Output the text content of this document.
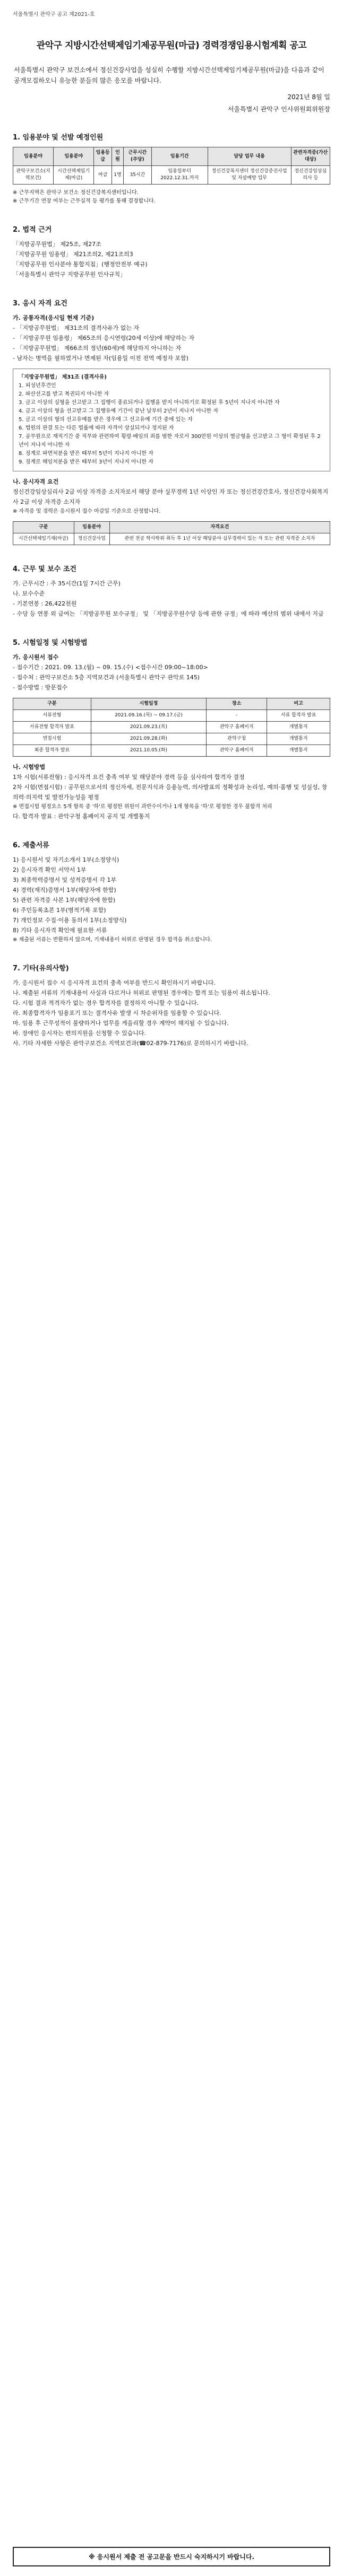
서울특별시 관악구 공고 제2021-호
관악구 지방시간선택제임기제공무원(마급) 경력경쟁임용시험계획 공고
서울특별시 관악구 보건소에서 정신건강사업을 성실히 수행할 지방시간선택제임기제공무원(마급)을 다음과 같이 공개모집하오니 유능한 분들의 많은 응모를 바랍니다.
2021년 8월 일
서울특별시 관악구 인사위원회위원장
1. 임용분야 및 선발 예정인원
임용분야	임용분야	임용등급	인원	근무시간(주당)	임용기간	담당 업무 내용	관련자격증(가산 대상)
관악구보건소(지역보건)	시간선택제임기제(마급)	마급	1명	35시간	임용일부터 2022.12.31.까지	정신건강복지센터 정신건강증진사업 및 자살예방 업무	정신건강임상심리사 등
※ 근무지역은 관악구 보건소 정신건강복지센터입니다.
※ 근무기간 연장 여부는 근무실적 등 평가를 통해 결정합니다.
2. 법적 근거
「지방공무원법」 제25조, 제27조
「지방공무원 임용령」 제21조의2, 제21조의3
「지방공무원 인사분야 통합지침」(행정안전부 예규)
「서울특별시 관악구 지방공무원 인사규칙」
3. 응시 자격 요건
가. 공통자격(응시일 현재 기준)
- 「지방공무원법」 제31조의 결격사유가 없는 자
- 「지방공무원 임용령」 제65조의 응시연령(20세 이상)에 해당하는 자
- 「지방공무원법」 제66조의 정년(60세)에 해당하지 아니하는 자
- 남자는 병역을 필하였거나 면제된 자(임용일 이전 전역 예정자 포함)
「지방공무원법」 제31조 (결격사유)
1. 피성년후견인
2. 파산선고를 받고 복권되지 아니한 자
3. 금고 이상의 실형을 선고받고 그 집행이 종료되거나 집행을 받지 아니하기로 확정된 후 5년이 지나지 아니한 자
4. 금고 이상의 형을 선고받고 그 집행유예 기간이 끝난 날부터 2년이 지나지 아니한 자
5. 금고 이상의 형의 선고유예를 받은 경우에 그 선고유예 기간 중에 있는 자
6. 법원의 판결 또는 다른 법률에 따라 자격이 상실되거나 정지된 자
7. 공무원으로 재직기간 중 직무와 관련하여 횡령·배임의 죄를 범한 자로서 300만원 이상의 벌금형을 선고받고 그 형이 확정된 후 2년이 지나지 아니한 자
8. 징계로 파면처분을 받은 때부터 5년이 지나지 아니한 자
9. 징계로 해임처분을 받은 때부터 3년이 지나지 아니한 자
나. 응시자격 요건
정신건강임상심리사 2급 이상 자격증 소지자로서 해당 분야 실무경력 1년 이상인 자 또는 정신건강간호사, 정신건강사회복지사 2급 이상 자격증 소지자
※ 자격증 및 경력은 응시원서 접수 마감일 기준으로 산정합니다.
구분	임용분야	자격요건
시간선택제임기제(마급)	정신건강사업	관련 전공 학사학위 취득 후 1년 이상 해당분야 실무경력이 있는 자 또는 관련 자격증 소지자
4. 근무 및 보수 조건
가. 근무시간 : 주 35시간(1일 7시간 근무)
나. 보수수준
- 기본연봉 : 26,422천원
- 수당 등 연봉 외 급여는 「지방공무원 보수규정」 및 「지방공무원수당 등에 관한 규정」에 따라 예산의 범위 내에서 지급
5. 시험일정 및 시험방법
가. 응시원서 접수
- 접수기간 : 2021. 09. 13.(월) ~ 09. 15.(수) <접수시간 09:00~18:00>
- 접수처 : 관악구보건소 5층 지역보건과 (서울특별시 관악구 관악로 145)
- 접수방법 : 방문접수
구분	시험일정	장소	비고
서류전형	2021.09.16.(목) ~ 09.17.(금)	-	서류 합격자 발표
서류전형 합격자 발표	2021.09.23.(목)	관악구 홈페이지	개별통지
면접시험	2021.09.28.(화)	관악구청	개별통지
최종 합격자 발표	2021.10.05.(화)	관악구 홈페이지	개별통지
나. 시험방법
1차 시험(서류전형) : 응시자격 요건 충족 여부 및 해당분야 경력 등을 심사하여 합격자 결정
2차 시험(면접시험) : 공무원으로서의 정신자세, 전문지식과 응용능력, 의사발표의 정확성과 논리성, 예의·품행 및 성실성, 창의력·의지력 및 발전가능성을 평정
※ 면접시험 평정요소 5개 항목 중 '하'로 평정한 위원이 과반수이거나 1개 항목을 '하'로 평정한 경우 불합격 처리
다. 합격자 발표 : 관악구청 홈페이지 공지 및 개별통지
6. 제출서류
1) 응시원서 및 자기소개서 1부(소정양식)
2) 응시자격 확인 서약서 1부
3) 최종학력증명서 및 성적증명서 각 1부
4) 경력(재직)증명서 1부(해당자에 한함)
5) 관련 자격증 사본 1부(해당자에 한함)
6) 주민등록초본 1부(병적기록 포함)
7) 개인정보 수집·이용 동의서 1부(소정양식)
8) 기타 응시자격 확인에 필요한 서류
※ 제출된 서류는 반환하지 않으며, 기재내용이 허위로 판명된 경우 합격을 취소합니다.
7. 기타(유의사항)
가. 응시원서 접수 시 응시자격 요건의 충족 여부를 반드시 확인하시기 바랍니다.
나. 제출된 서류의 기재내용이 사실과 다르거나 허위로 판명된 경우에는 합격 또는 임용이 취소됩니다.
다. 시험 결과 적격자가 없는 경우 합격자를 결정하지 아니할 수 있습니다.
라. 최종합격자가 임용포기 또는 결격사유 발생 시 차순위자를 임용할 수 있습니다.
마. 임용 후 근무성적이 불량하거나 업무를 게을리할 경우 계약이 해지될 수 있습니다.
바. 장애인 응시자는 편의지원을 신청할 수 있습니다.
사. 기타 자세한 사항은 관악구보건소 지역보건과(☎02-879-7176)로 문의하시기 바랍니다.
※ 응시원서 제출 전 공고문을 반드시 숙지하시기 바랍니다.
